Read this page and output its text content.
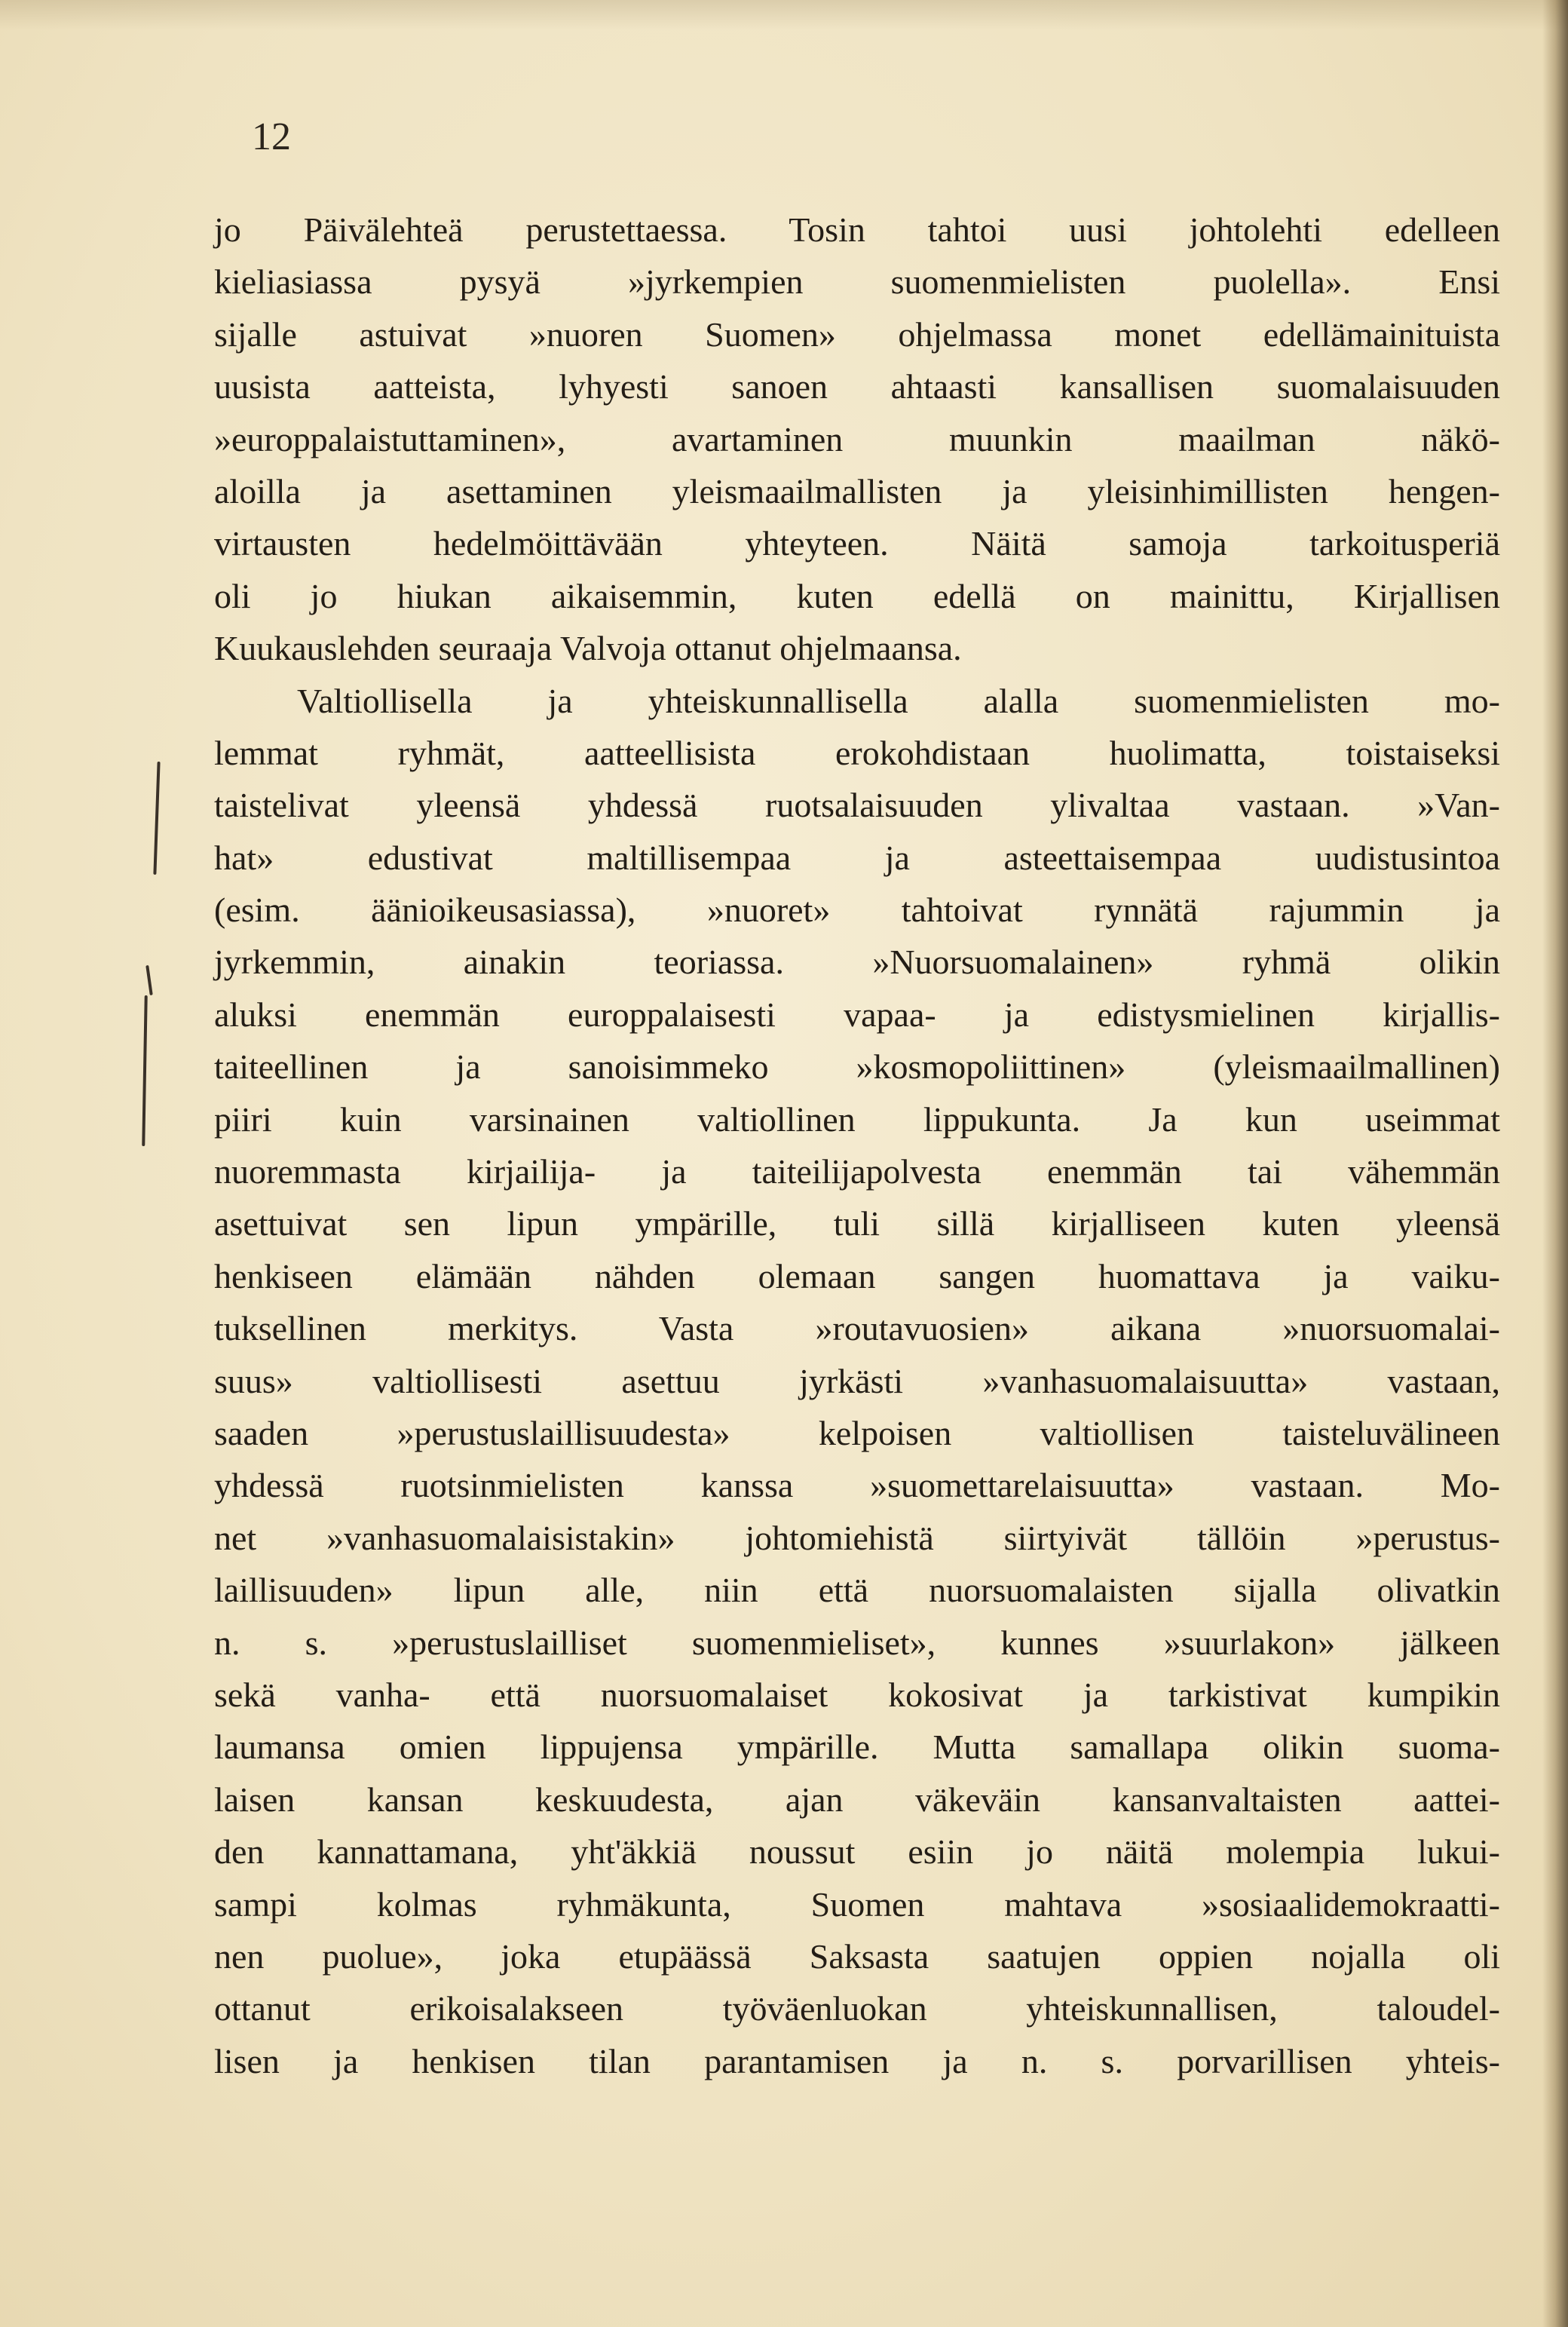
12
jo Päivälehteä perustettaessa. Tosin tahtoi uusi johtolehti edelleen
kieliasiassa pysyä »jyrkempien suomenmielisten puolella». Ensi
sijalle astuivat »nuoren Suomen» ohjelmassa monet edellämainituista
uusista aatteista, lyhyesti sanoen ahtaasti kansallisen suomalaisuuden
»europpalaistuttaminen», avartaminen muunkin maailman näkö-
aloilla ja asettaminen yleismaailmallisten ja yleisinhimillisten hengen-
virtausten hedelmöittävään yhteyteen. Näitä samoja tarkoitusperiä
oli jo hiukan aikaisemmin, kuten edellä on mainittu, Kirjallisen
Kuukauslehden seuraaja Valvoja ottanut ohjelmaansa.
Valtiollisella ja yhteiskunnallisella alalla suomenmielisten mo-
lemmat ryhmät, aatteellisista erokohdistaan huolimatta, toistaiseksi
taistelivat yleensä yhdessä ruotsalaisuuden ylivaltaa vastaan. »Van-
hat» edustivat maltillisempaa ja asteettaisempaa uudistusintoa
(esim. äänioikeusasiassa), »nuoret» tahtoivat rynnätä rajummin ja
jyrkemmin, ainakin teoriassa. »Nuorsuomalainen» ryhmä olikin
aluksi enemmän europpalaisesti vapaa- ja edistysmielinen kirjallis-
taiteellinen ja sanoisimmeko »kosmopoliittinen» (yleismaailmallinen)
piiri kuin varsinainen valtiollinen lippukunta. Ja kun useimmat
nuoremmasta kirjailija- ja taiteilijapolvesta enemmän tai vähemmän
asettuivat sen lipun ympärille, tuli sillä kirjalliseen kuten yleensä
henkiseen elämään nähden olemaan sangen huomattava ja vaiku-
tuksellinen merkitys. Vasta »routavuosien» aikana »nuorsuomalai-
suus» valtiollisesti asettuu jyrkästi »vanhasuomalaisuutta» vastaan,
saaden »perustuslaillisuudesta» kelpoisen valtiollisen taisteluvälineen
yhdessä ruotsinmielisten kanssa »suomettarelaisuutta» vastaan. Mo-
net »vanhasuomalaisistakin» johtomiehistä siirtyivät tällöin »perustus-
laillisuuden» lipun alle, niin että nuorsuomalaisten sijalla olivatkin
n. s. »perustuslailliset suomenmieliset», kunnes »suurlakon» jälkeen
sekä vanha- että nuorsuomalaiset kokosivat ja tarkistivat kumpikin
laumansa omien lippujensa ympärille. Mutta samallapa olikin suoma-
laisen kansan keskuudesta, ajan väkeväin kansanvaltaisten aattei-
den kannattamana, yht'äkkiä noussut esiin jo näitä molempia lukui-
sampi kolmas ryhmäkunta, Suomen mahtava »sosiaalidemokraatti-
nen puolue», joka etupäässä Saksasta saatujen oppien nojalla oli
ottanut erikoisalakseen työväenluokan yhteiskunnallisen, taloudel-
lisen ja henkisen tilan parantamisen ja n. s. porvarillisen yhteis-
